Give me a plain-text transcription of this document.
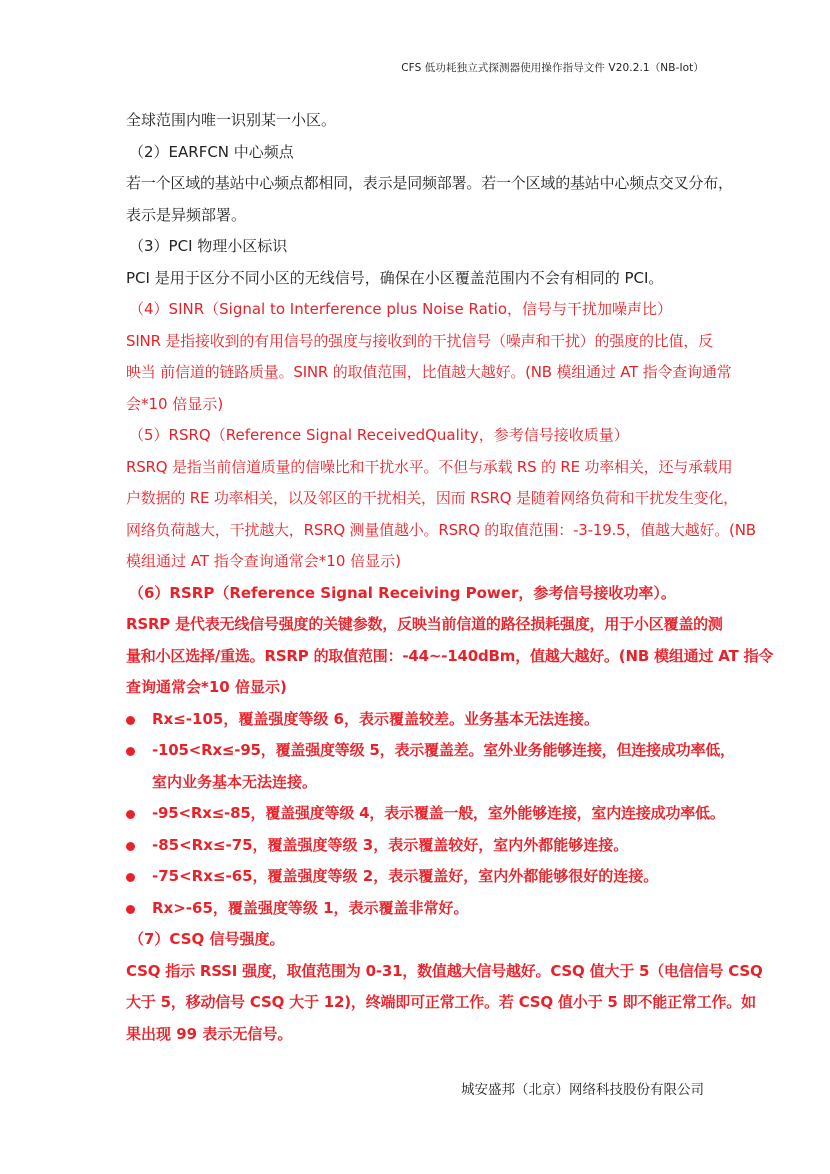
CFS 低功耗独立式探测器使用操作指导文件 V20.2.1（NB-Iot）
全球范围内唯一识别某一小区。
（2）EARFCN 中心频点
若一个区域的基站中心频点都相同，表示是同频部署。若一个区域的基站中心频点交叉分布，
表示是异频部署。
（3）PCI 物理小区标识
PCI 是用于区分不同小区的无线信号，确保在小区覆盖范围内不会有相同的 PCI。
（4）SINR（Signal to Interference plus Noise Ratio，信号与干扰加噪声比）
SINR 是指接收到的有用信号的强度与接收到的干扰信号（噪声和干扰）的强度的比值，反
映当 前信道的链路质量。SINR 的取值范围，比值越大越好。(NB 模组通过 AT 指令查询通常
会*10 倍显示)
（5）RSRQ（Reference Signal ReceivedQuality，参考信号接收质量）
RSRQ 是指当前信道质量的信噪比和干扰水平。不但与承载 RS 的 RE 功率相关，还与承载用
户数据的 RE 功率相关，以及邻区的干扰相关，因而 RSRQ 是随着网络负荷和干扰发生变化，
网络负荷越大，干扰越大，RSRQ 测量值越小。RSRQ 的取值范围：-3-19.5，值越大越好。(NB
模组通过 AT 指令查询通常会*10 倍显示)
（6）RSRP（Reference Signal Receiving Power，参考信号接收功率）。
RSRP 是代表无线信号强度的关键参数，反映当前信道的路径损耗强度，用于小区覆盖的测
量和小区选择/重选。RSRP 的取值范围：-44~-140dBm，值越大越好。(NB 模组通过 AT 指令
查询通常会*10 倍显示)
Rx≤-105，覆盖强度等级 6，表示覆盖较差。业务基本无法连接。
-105<Rx≤-95，覆盖强度等级 5，表示覆盖差。室外业务能够连接，但连接成功率低，
室内业务基本无法连接。
-95<Rx≤-85，覆盖强度等级 4，表示覆盖一般，室外能够连接，室内连接成功率低。
-85<Rx≤-75，覆盖强度等级 3，表示覆盖较好，室内外都能够连接。
-75<Rx≤-65，覆盖强度等级 2，表示覆盖好，室内外都能够很好的连接。
Rx>-65，覆盖强度等级 1，表示覆盖非常好。
（7）CSQ 信号强度。
CSQ 指示 RSSI 强度，取值范围为 0-31，数值越大信号越好。CSQ 值大于 5（电信信号 CSQ
大于 5，移动信号 CSQ 大于 12)，终端即可正常工作。若 CSQ 值小于 5 即不能正常工作。如
果出现 99 表示无信号。
城安盛邦（北京）网络科技股份有限公司
